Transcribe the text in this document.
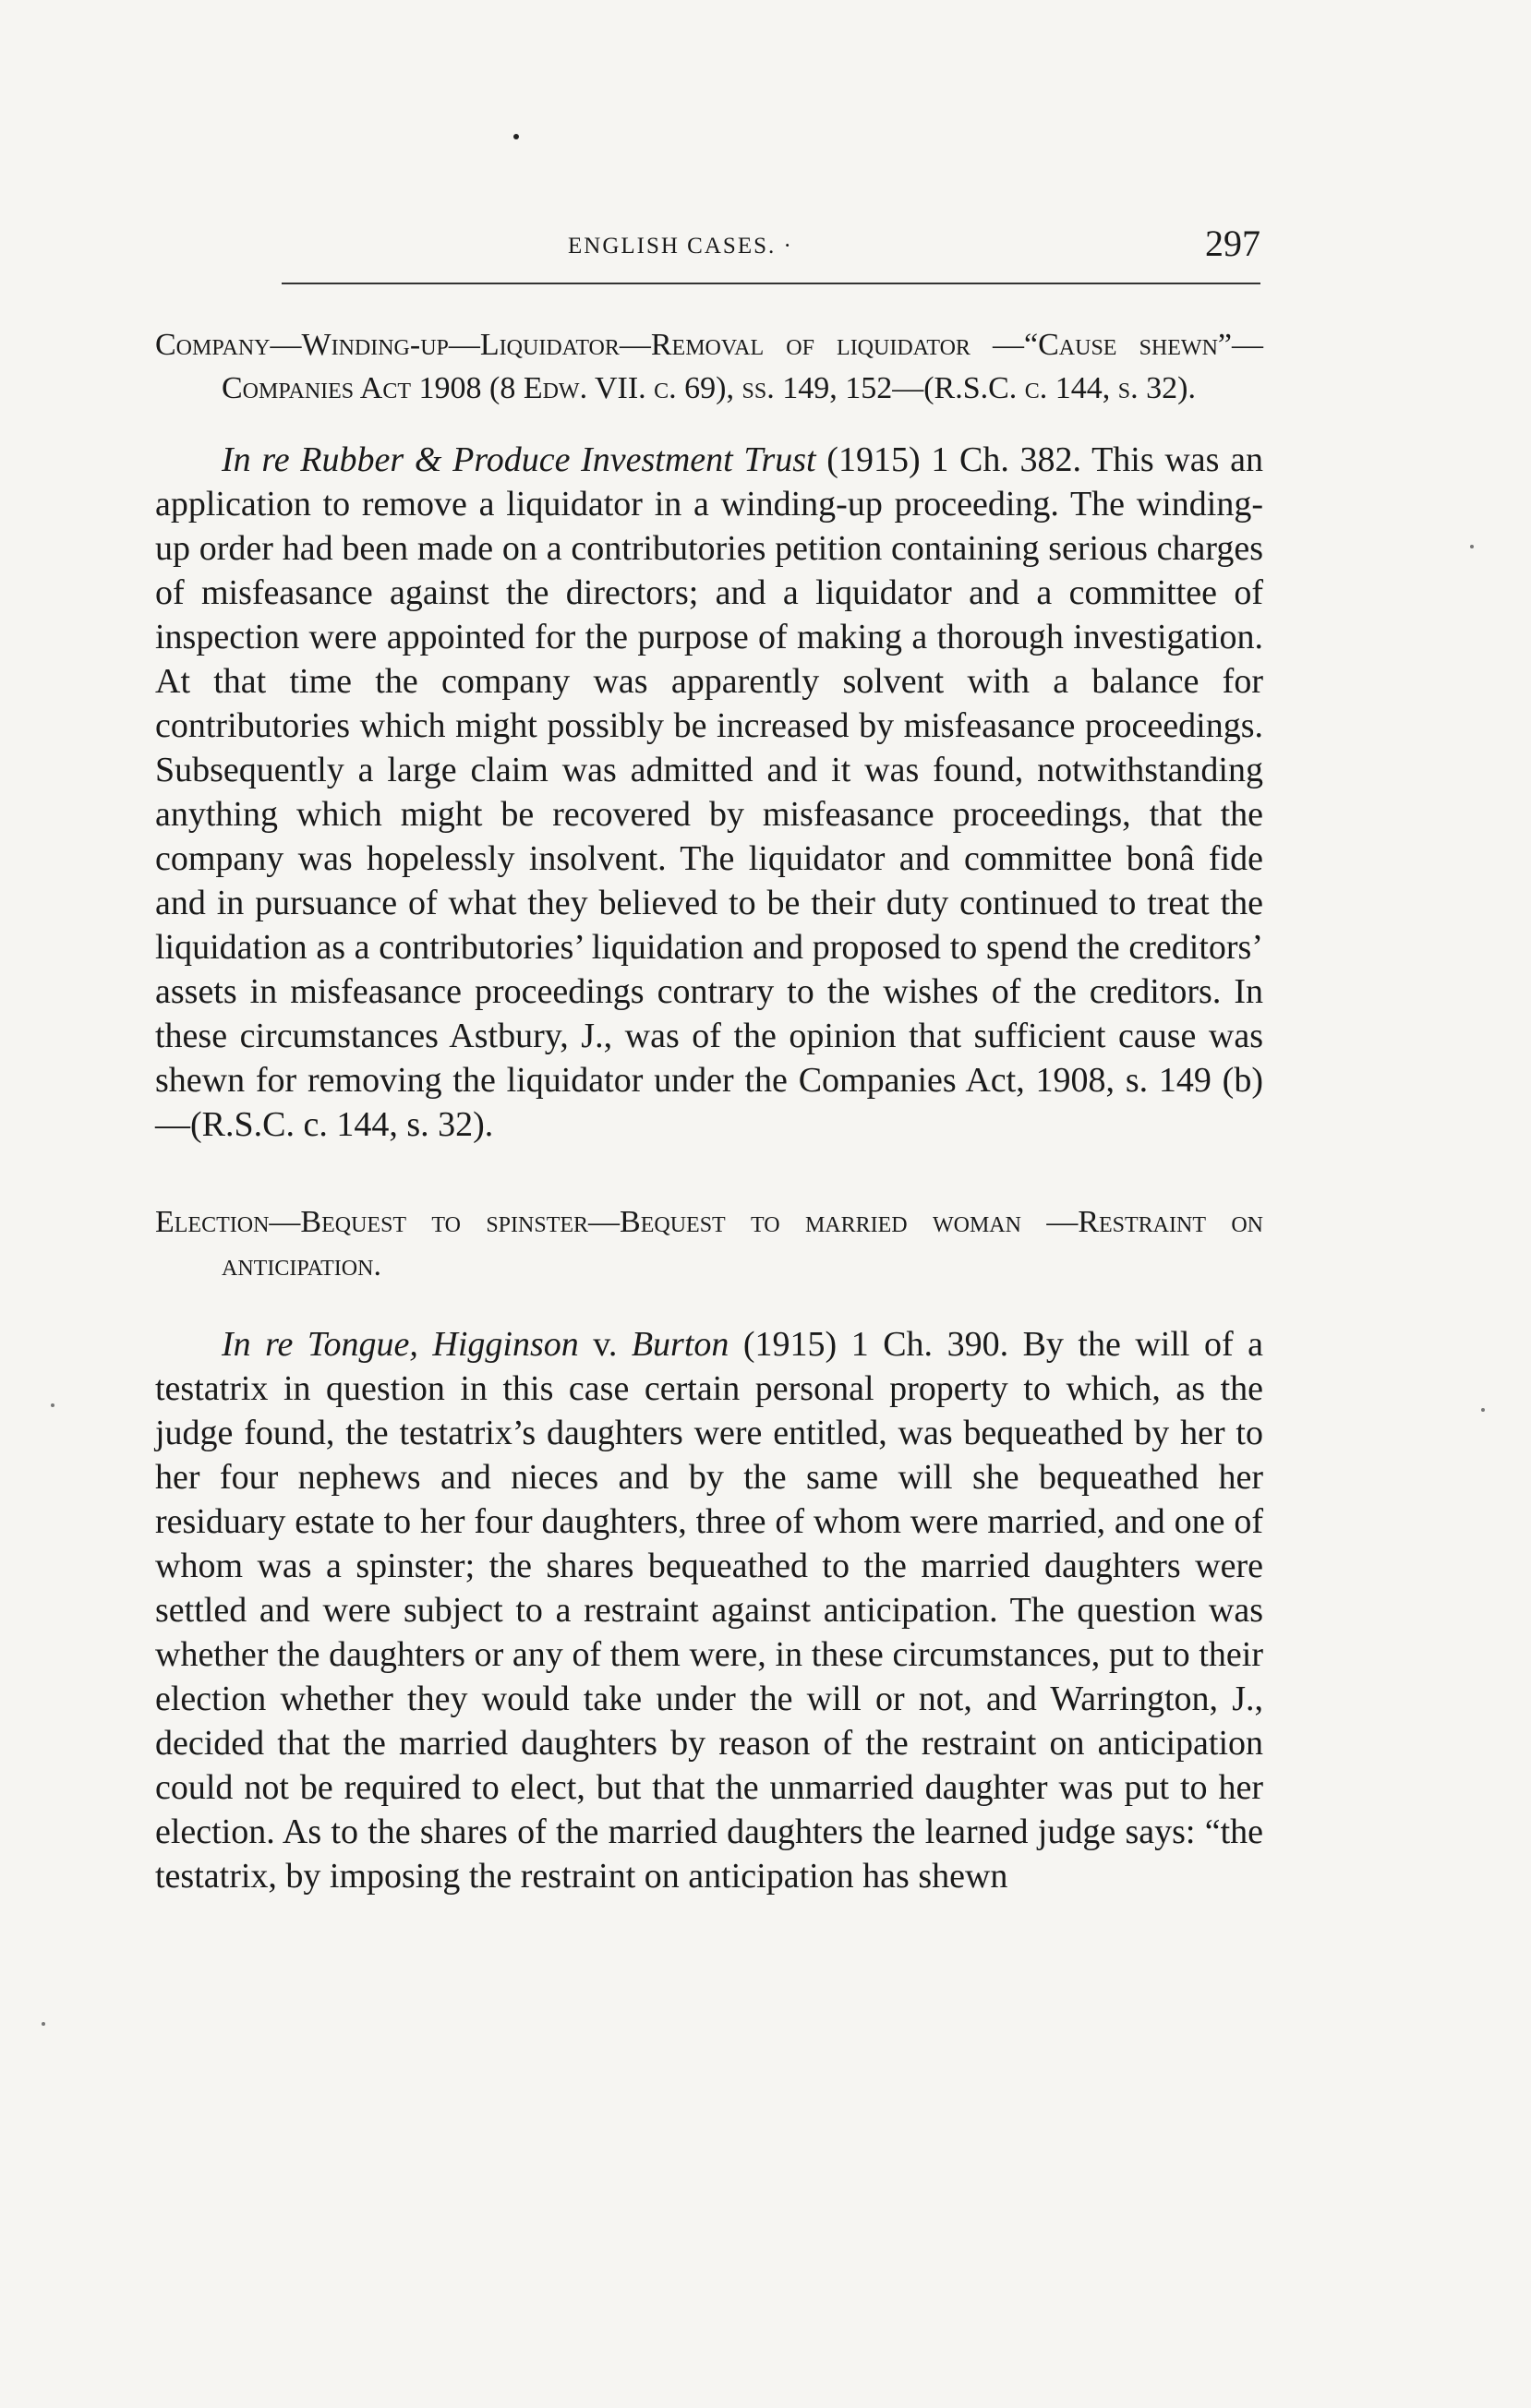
ENGLISH CASES. ·	297

Company—Winding-up—Liquidator—Removal of liquidator —“Cause shewn”—Companies Act 1908 (8 Edw. VII. c. 69), ss. 149, 152—(R.S.C. c. 144, s. 32).

In re Rubber & Produce Investment Trust (1915) 1 Ch. 382. This was an application to remove a liquidator in a winding-up proceeding. The winding-up order had been made on a contributories petition containing serious charges of misfeasance against the directors; and a liquidator and a committee of inspection were appointed for the purpose of making a thorough investigation. At that time the company was apparently solvent with a balance for contributories which might possibly be increased by misfeasance proceedings. Subsequently a large claim was admitted and it was found, notwithstanding anything which might be recovered by misfeasance proceedings, that the company was hopelessly insolvent. The liquidator and committee bonâ fide and in pursuance of what they believed to be their duty continued to treat the liquidation as a contributories’ liquidation and proposed to spend the creditors’ assets in misfeasance proceedings contrary to the wishes of the creditors. In these circumstances Astbury, J., was of the opinion that sufficient cause was shewn for removing the liquidator under the Companies Act, 1908, s. 149 (b)—(R.S.C. c. 144, s. 32).

Election—Bequest to spinster—Bequest to married woman —Restraint on anticipation.

In re Tongue, Higginson v. Burton (1915) 1 Ch. 390. By the will of a testatrix in question in this case certain personal property to which, as the judge found, the testatrix’s daughters were entitled, was bequeathed by her to her four nephews and nieces and by the same will she bequeathed her residuary estate to her four daughters, three of whom were married, and one of whom was a spinster; the shares bequeathed to the married daughters were settled and were subject to a restraint against anticipation. The question was whether the daughters or any of them were, in these circumstances, put to their election whether they would take under the will or not, and Warrington, J., decided that the married daughters by reason of the restraint on anticipation could not be required to elect, but that the unmarried daughter was put to her election. As to the shares of the married daughters the learned judge says: “the testatrix, by imposing the restraint on anticipation has shewn
